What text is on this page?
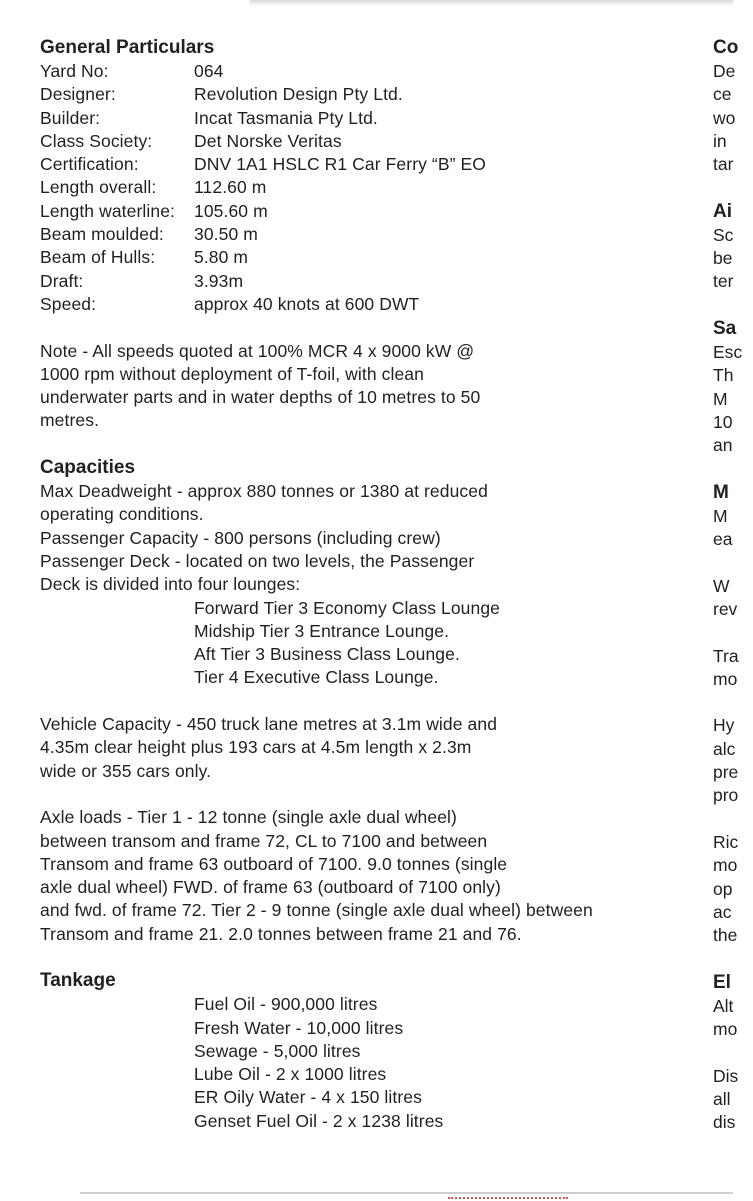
General Particulars
Yard No:	064
Designer:	Revolution Design Pty Ltd.
Builder:	Incat Tasmania Pty Ltd.
Class Society:	Det Norske Veritas
Certification:	DNV 1A1 HSLC R1 Car Ferry “B” EO
Length overall:	112.60 m
Length waterline:	105.60 m
Beam moulded:	30.50 m
Beam of Hulls:	5.80 m
Draft:	3.93m
Speed:	approx 40 knots at 600 DWT
Note - All speeds quoted at 100% MCR 4 x 9000 kW @
1000 rpm without deployment of T-foil, with clean
underwater parts and in water depths of 10 metres to 50
metres.
Capacities
Max Deadweight - approx 880 tonnes or 1380 at reduced
operating conditions.
Passenger Capacity - 800 persons (including crew)
Passenger Deck - located on two levels, the Passenger
Deck is divided into four lounges:
Forward Tier 3 Economy Class Lounge
Midship Tier 3 Entrance Lounge.
Aft Tier 3 Business Class Lounge.
Tier 4 Executive Class Lounge.
Vehicle Capacity - 450 truck lane metres at 3.1m wide and
4.35m clear height plus 193 cars at 4.5m length x 2.3m
wide or 355 cars only.
Axle loads - Tier 1 - 12 tonne (single axle dual wheel)
between transom and frame 72, CL to 7100 and between
Transom and frame 63 outboard of 7100. 9.0 tonnes (single
axle dual wheel) FWD. of frame 63 (outboard of 7100 only)
and fwd. of frame 72. Tier 2 - 9 tonne (single axle dual wheel) between
Transom and frame 21. 2.0 tonnes between frame 21 and 76.
Tankage
Fuel Oil - 900,000 litres
Fresh Water - 10,000 litres
Sewage - 5,000 litres
Lube Oil - 2 x 1000 litres
ER Oily Water - 4 x 150 litres
Genset Fuel Oil - 2 x 1238 litres
Co
De
ce
wo
in
tar
Ai
Sc
be
ter
Sa
Esc
Th
M
10
an
M
M
ea
W
rev
Tra
mo
Hy
alc
pre
pro
Ric
mo
op
ac
the
El
Alt
mo
Dis
all
dis
